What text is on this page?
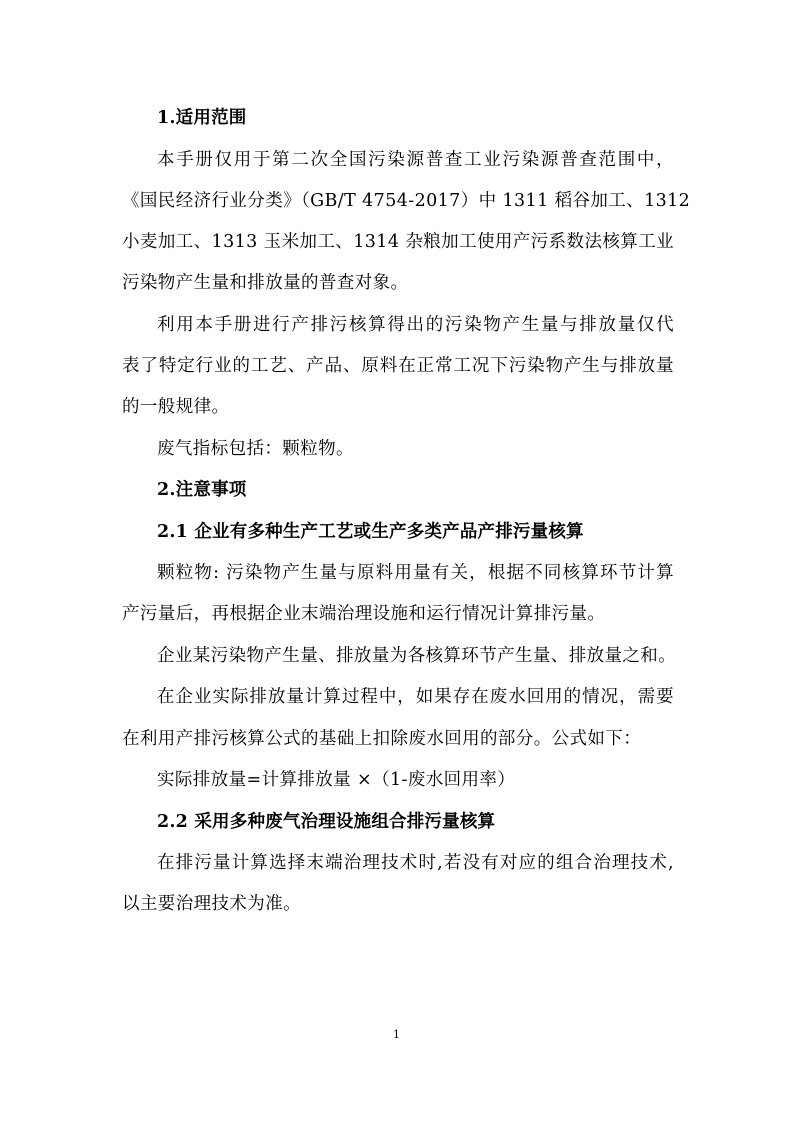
1.适用范围
本手册仅用于第二次全国污染源普查工业污染源普查范围中，
《国民经济行业分类》（GB/T 4754-2017）中 1311 稻谷加工、1312
小麦加工、1313 玉米加工、1314 杂粮加工使用产污系数法核算工业
污染物产生量和排放量的普查对象。
利用本手册进行产排污核算得出的污染物产生量与排放量仅代
表了特定行业的工艺、产品、原料在正常工况下污染物产生与排放量
的一般规律。
废气指标包括：颗粒物。
2.注意事项
2.1 企业有多种生产工艺或生产多类产品产排污量核算
颗粒物: 污染物产生量与原料用量有关，根据不同核算环节计算
产污量后，再根据企业末端治理设施和运行情况计算排污量。
企业某污染物产生量、排放量为各核算环节产生量、排放量之和。
在企业实际排放量计算过程中，如果存在废水回用的情况，需要
在利用产排污核算公式的基础上扣除废水回用的部分。公式如下：
实际排放量=计算排放量 ×（1-废水回用率）
2.2 采用多种废气治理设施组合排污量核算
在排污量计算选择末端治理技术时,若没有对应的组合治理技术,
以主要治理技术为准。
1
